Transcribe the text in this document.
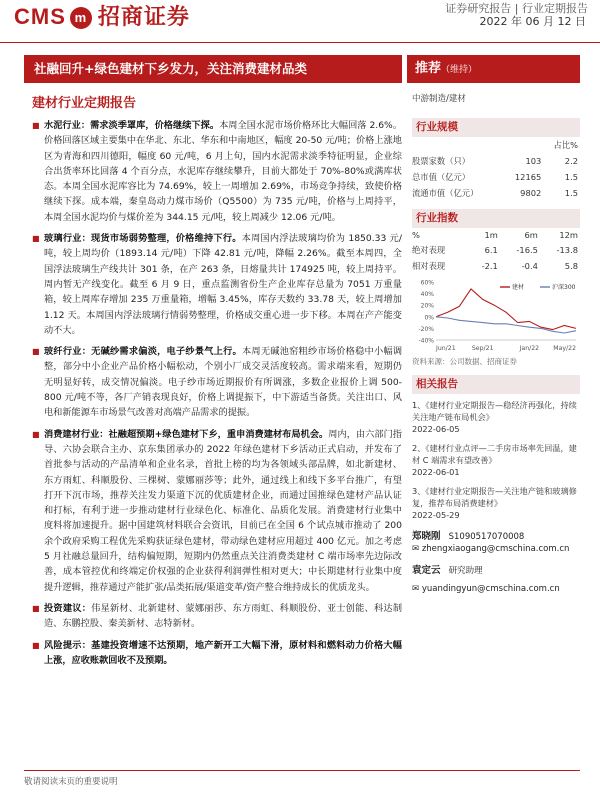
CMS m 招商证券	证券研究报告 | 行业定期报告
2022 年 06 月 12 日
社融回升+绿色建材下乡发力，关注消费建材品类	推荐（维持）
建材行业定期报告
■ 水泥行业：需求淡季罩库，价格继续下探。本周全国水泥市场价格环比大幅回落 2.6%。价格回落区域主要集中在华北、东北、华东和中南地区，幅度 20-50 元/吨；价格上涨地区为青海和四川德阳，幅度 60 元/吨，6 月上旬，国内水泥需求淡季特征明显，企业综合出货率环比回落 4 个百分点，水泥库存继续攀升，目前大都处于 70%-80%或满库状态。本周全国水泥库容比为 74.69%，较上一周增加 2.69%，市场竞争持续，致使价格继续下探。成本端，秦皇岛动力煤市场价（Q5500）为 735 元/吨，价格与上周持平，本周全国水泥均价与煤价差为 344.15 元/吨，较上周减少 12.06 元/吨。
■ 玻璃行业：现货市场弱势整理，价格维持下行。本周国内浮法玻璃均价为 1850.33 元/吨，较上周均价（1893.14 元/吨）下降 42.81 元/吨，降幅 2.26%。截至本周四，全国浮法玻璃生产线共计 301 条，在产 263 条，日熔量共计 174925 吨，较上周持平。周内暂无产线变化。截至 6 月 9 日，重点监测省份生产企业库存总量为 7051 万重量箱，较上周库存增加 235 万重量箱，增幅 3.45%，库存天数约 33.78 天，较上周增加 1.12 天。本周国内浮法玻璃行情弱势整理，价格成交重心进一步下移。本周在产产能变动不大。
■ 玻纤行业：无碱纱需求偏淡，电子纱景气上行。本周无碱池窑粗纱市场价格稳中小幅调整，部分中小企业产品价格小幅松动，个别小厂成交灵活度较高。需求端来看，短期仍无明显好转，成交情况偏淡。电子纱市场近期报价有所调涨，多数企业报价上调 500-800 元/吨不等，各厂产销表现良好，价格上调提振下，中下游适当备货。关注出口、风电和新能源车市场景气改善对高端产品需求的提振。
■ 消费建材行业：社融超预期+绿色建材下乡，重申消费建材布局机会。周内，由六部门指导、六协会联合主办、京东集团承办的 2022 年绿色建材下乡活动正式启动，并发布了首批参与活动的产品清单和企业名录，首批上榜的均为各领域头部品牌，如北新建材、东方雨虹、科顺股份、三棵树、蒙娜丽莎等；此外，通过线上和线下多平台推广，有望打开下沉市场，推荐关注发力渠道下沉的优质建材企业，而通过国推绿色建材产品认证和打标，有利于进一步推动建材行业绿色化、标准化、品质化发展。消费建材行业集中度料将加速提升。据中国建筑材料联合会资讯，目前已在全国 6 个试点城市推动了 200 余个政府采购工程优先采购获证绿色建材，带动绿色建材应用超过 400 亿元。加之考虑 5 月社融总量回升，结构偏短期，短期内仍然重点关注消费类建材 C 端市场率先边际改善，成本管控优和终端定价权强的企业获得利润弹性相对更大；中长期建材行业集中度提升逻辑，推荐通过产能扩张/品类拓展/渠道变革/资产整合维持成长的优质龙头。
■ 投资建议：伟星新材、北新建材、蒙娜丽莎、东方雨虹、科顺股份、亚士创能、科达制造、东鹏控股、秦美新材、志特新材。
■ 风险提示：基建投资增速不达预期，地产新开工大幅下滑，原材料和燃料动力价格大幅上涨，应收账款回收不及预期。
中游制造/建材
行业规模
		占比%
股票家数（只）	103	2.2
总市值（亿元）	12165	1.5
流通市值（亿元）	9802	1.5
行业指数
%	1m	6m	12m
绝对表现	6.1	-16.5	-13.8
相对表现	-2.1	-0.4	5.8
60%
40%
20%
0%
-20%
-40%
Jun/21	Sep/21	Jan/22 May/22
建材	沪深300
资料来源：公司数据、招商证券
相关报告
1、《建材行业定期报告—稳经济再强化，持续关注地产链布局机会》
2022-06-05
2、《建材行业点评—二手房市场率先回温，建材 C 端需求有望改善》
2022-06-01
3、《建材行业定期报告—关注地产链和玻璃修复，推荐布局消费建材》
2022-05-29
郑晓刚 S1090517070008
✉ zhengxiaogang@cmschina.com.cn
袁定云 研究助理
✉ yuandingyun@cmschina.com.cn
敬请阅读末页的重要说明
